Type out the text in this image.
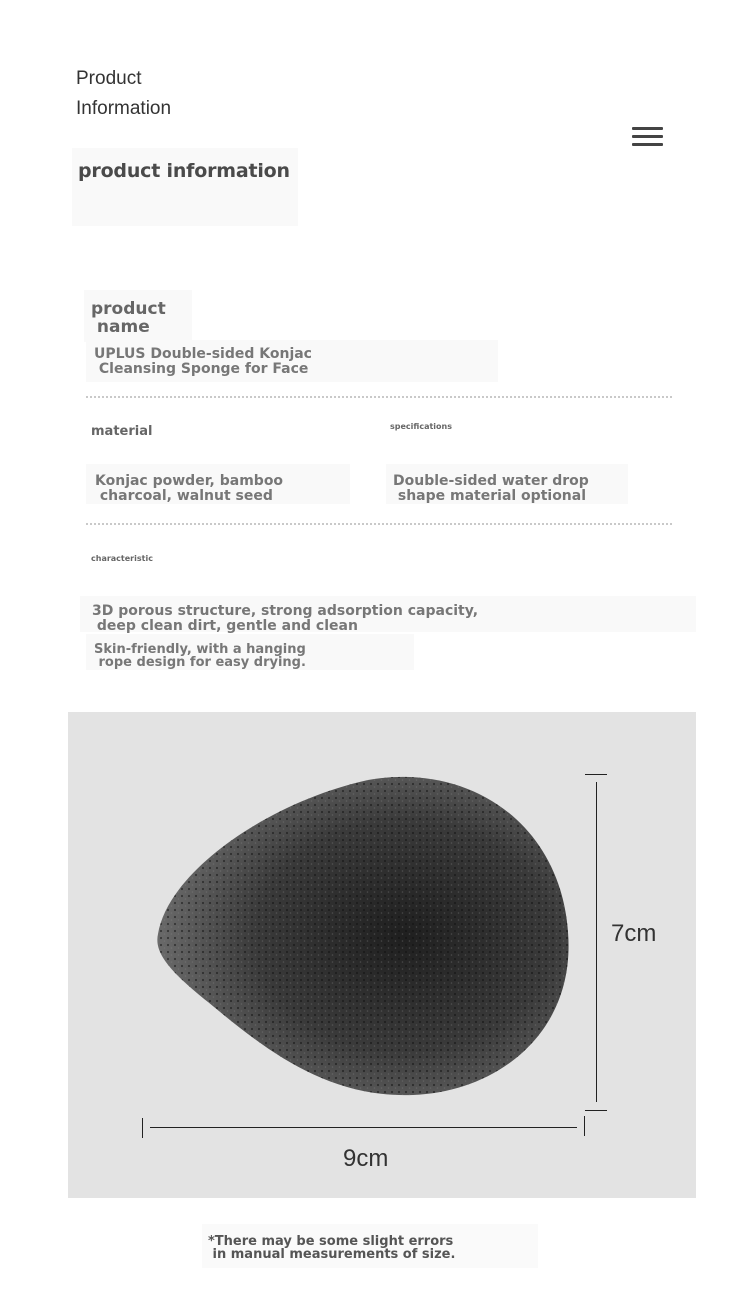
Product
Information
product information
product
name
UPLUS Double-sided Konjac
Cleansing Sponge for Face
material	specifications
Konjac powder, bamboo
charcoal, walnut seed
Double-sided water drop
shape material optional
characteristic
3D porous structure, strong adsorption capacity,
deep clean dirt, gentle and clean
Skin-friendly, with a hanging
rope design for easy drying.
7cm
9cm
*There may be some slight errors
in manual measurements of size.
